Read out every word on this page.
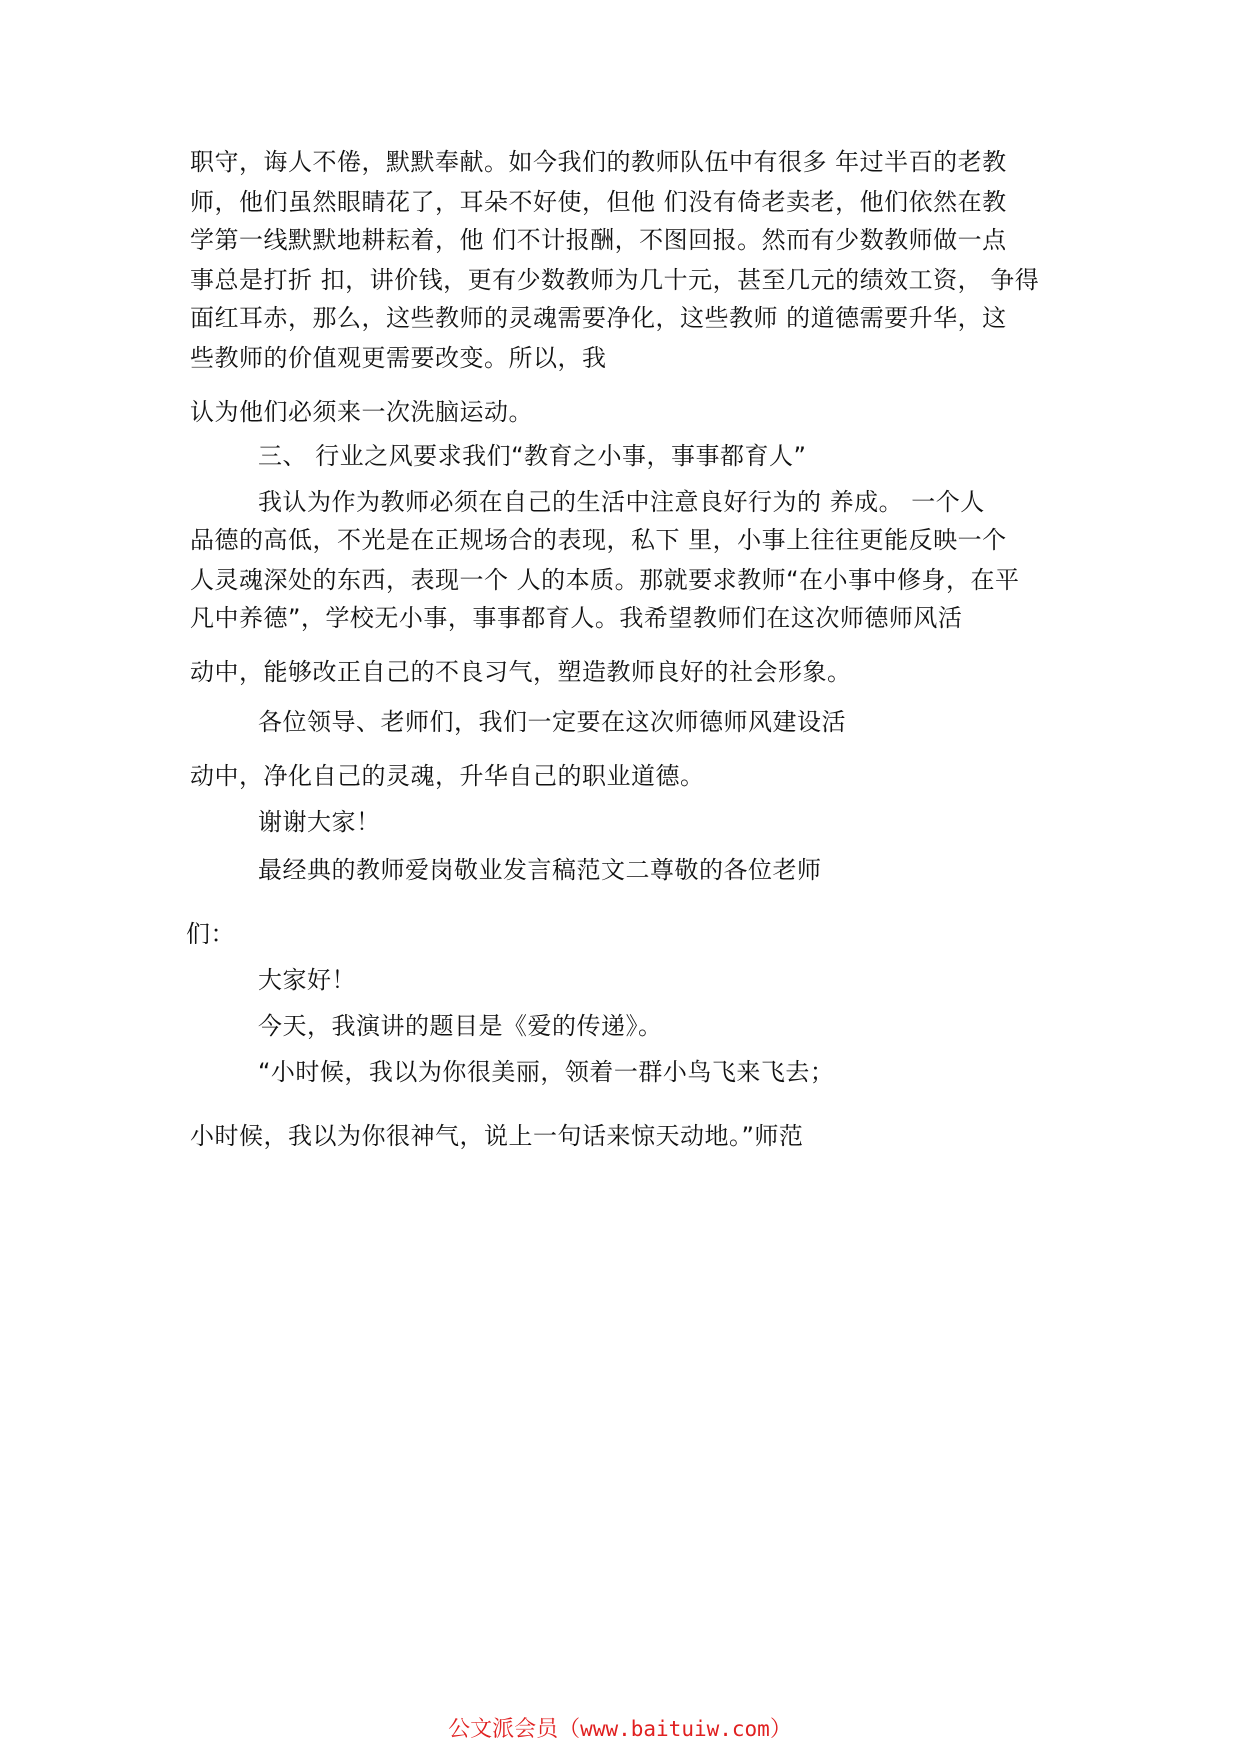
职守，诲人不倦，默默奉献。如今我们的教师队伍中有很多 年过半百的老教
师，他们虽然眼睛花了，耳朵不好使，但他 们没有倚老卖老，他们依然在教
学第一线默默地耕耘着，他 们不计报酬，不图回报。然而有少数教师做一点
事总是打折 扣，讲价钱，更有少数教师为几十元，甚至几元的绩效工资， 争得
面红耳赤，那么，这些教师的灵魂需要净化，这些教师 的道德需要升华，这
些教师的价值观更需要改变。所以，我
认为他们必须来一次洗脑运动。
三、 行业之风要求我们“教育之小事，事事都育人”
我认为作为教师必须在自己的生活中注意良好行为的 养成。 一个人
品德的高低，不光是在正规场合的表现，私下 里，小事上往往更能反映一个
人灵魂深处的东西，表现一个 人的本质。那就要求教师“在小事中修身，在平
凡中养德”，学校无小事，事事都育人。我希望教师们在这次师德师风活
动中，能够改正自己的不良习气，塑造教师良好的社会形象。
各位领导、老师们，我们一定要在这次师德师风建设活
动中，净化自己的灵魂，升华自己的职业道德。
谢谢大家！
最经典的教师爱岗敬业发言稿范文二尊敬的各位老师
们：
大家好！
今天，我演讲的题目是《爱的传递》。
“小时候，我以为你很美丽，领着一群小鸟飞来飞去；
小时候，我以为你很神气，说上一句话来惊天动地。”师范
公文派会员（www.baituiw.com）
